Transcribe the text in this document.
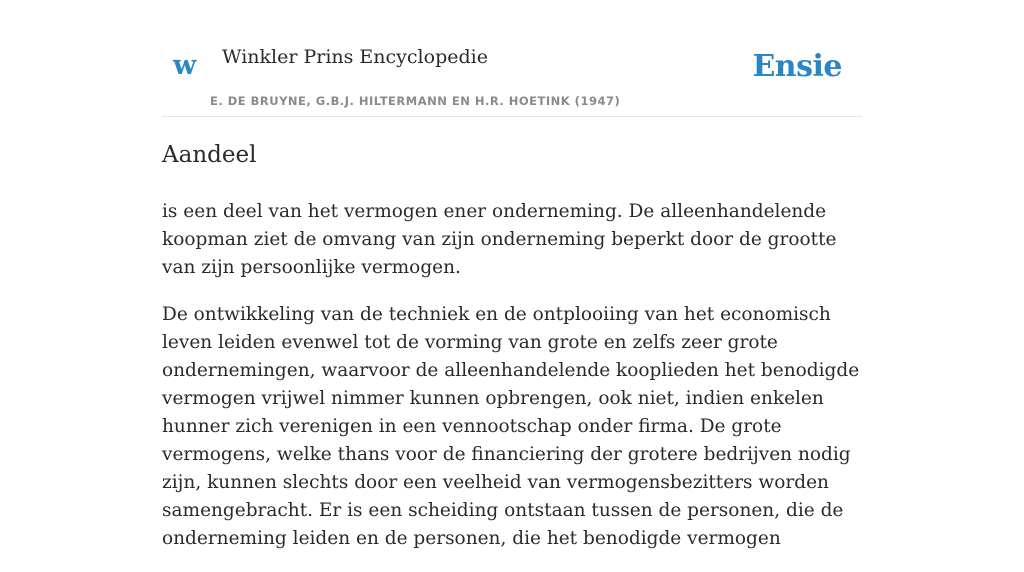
w Winkler Prins Encyclopedie
E. DE BRUYNE, G.B.J. HILTERMANN EN H.R. HOETINK (1947)
Ensie
Aandeel

is een deel van het vermogen ener onderneming. De alleenhandelende koopman ziet de omvang van zijn onderneming beperkt door de grootte van zijn persoonlijke vermogen.

De ontwikkeling van de techniek en de ontplooiing van het economisch leven leiden evenwel tot de vorming van grote en zelfs zeer grote ondernemingen, waarvoor de alleenhandelende kooplieden het benodigde vermogen vrijwel nimmer kunnen opbrengen, ook niet, indien enkelen hunner zich verenigen in een vennootschap onder firma. De grote vermogens, welke thans voor de financiering der grotere bedrijven nodig zijn, kunnen slechts door een veelheid van vermogensbezitters worden samengebracht. Er is een scheiding ontstaan tussen de personen, die de onderneming leiden en de personen, die het benodigde vermogen
